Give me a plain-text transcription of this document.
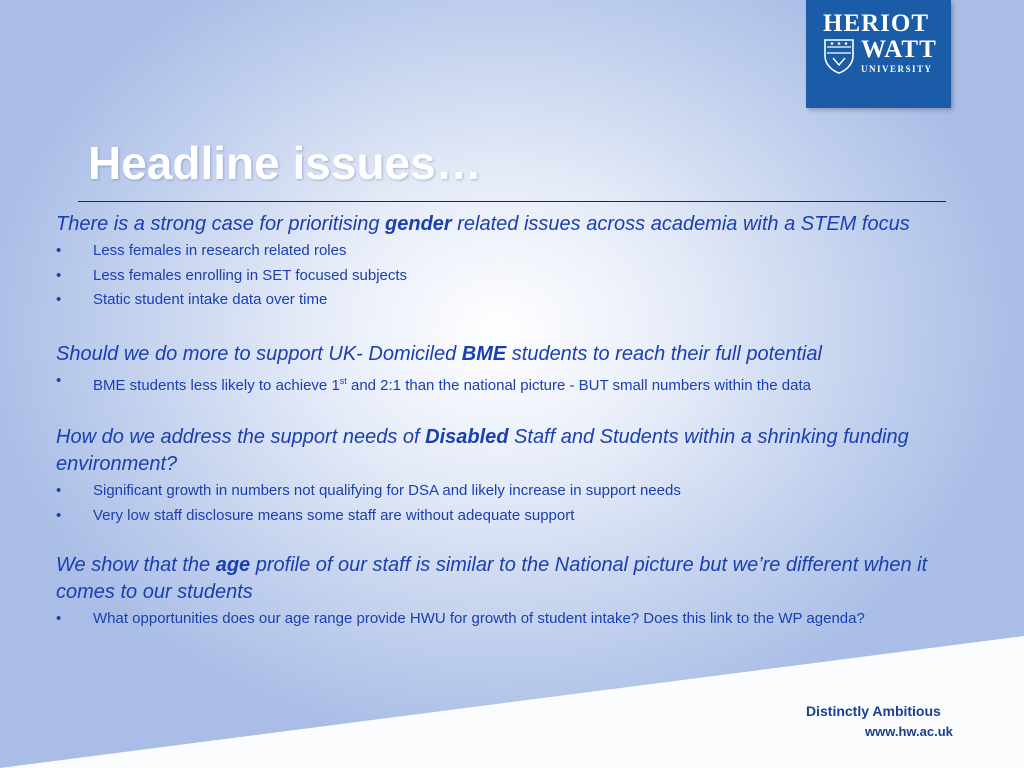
HERIOT
WATT
UNIVERSITY
Headline issues…

There is a strong case for prioritising gender related issues across academia with a STEM focus

• Less females in research related roles
• Less females enrolling in SET focused subjects
• Static student intake data over time

Should we do more to support UK- Domiciled BME students to reach their full potential

• BME students less likely to achieve 1st and 2:1 than the national picture - BUT small numbers within the data

How do we address the support needs of Disabled Staff and Students within a shrinking funding environment?

• Significant growth in numbers not qualifying for DSA and likely increase in support needs
• Very low staff disclosure means some staff are without adequate support

We show that the age profile of our staff is similar to the National picture but we’re different when it comes to our students

• What opportunities does our age range provide HWU for growth of student intake? Does this link to the WP agenda?
Distinctly Ambitious
www.hw.ac.uk
